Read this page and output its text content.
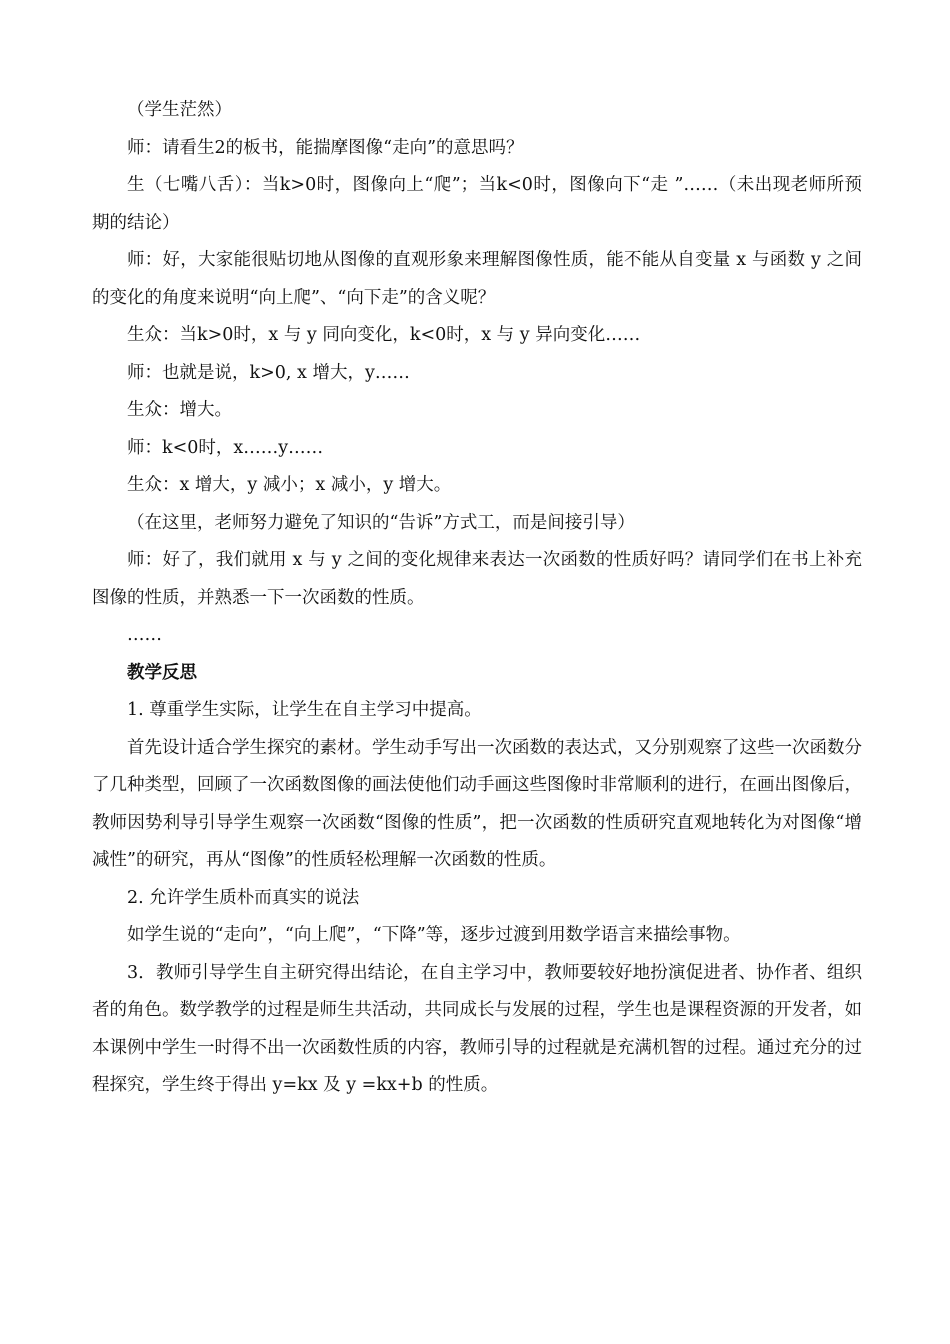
（学生茫然）

师：请看生2的板书，能揣摩图像“走向”的意思吗？

生（七嘴八舌）：当k>0时，图像向上“爬”；当k<0时，图像向下“走 ”……（未出现老师所预期的结论）

师：好，大家能很贴切地从图像的直观形象来理解图像性质，能不能从自变量 x 与函数 y 之间的变化的角度来说明“向上爬”、“向下走”的含义呢？

生众：当k>0时，x 与 y 同向变化，k<0时，x 与 y 异向变化……

师：也就是说，k>0, x 增大，y……

生众：增大。

师：k<0时，x……y……

生众：x 增大，y 减小；x 减小，y 增大。

（在这里，老师努力避免了知识的“告诉”方式工，而是间接引导）

师：好了，我们就用 x 与 y 之间的变化规律来表达一次函数的性质好吗？请同学们在书上补充图像的性质，并熟悉一下一次函数的性质。

……

教学反思

1. 尊重学生实际，让学生在自主学习中提高。

首先设计适合学生探究的素材。学生动手写出一次函数的表达式，又分别观察了这些一次函数分了几种类型，回顾了一次函数图像的画法使他们动手画这些图像时非常顺利的进行，在画出图像后，教师因势利导引导学生观察一次函数“图像的性质”，把一次函数的性质研究直观地转化为对图像“增减性”的研究，再从“图像”的性质轻松理解一次函数的性质。

2. 允许学生质朴而真实的说法

如学生说的“走向”，“向上爬”，“下降”等，逐步过渡到用数学语言来描绘事物。

3．教师引导学生自主研究得出结论，在自主学习中，教师要较好地扮演促进者、协作者、组织者的角色。数学教学的过程是师生共活动，共同成长与发展的过程，学生也是课程资源的开发者，如本课例中学生一时得不出一次函数性质的内容，教师引导的过程就是充满机智的过程。通过充分的过程探究，学生终于得出 y=kx 及 y =kx+b 的性质。
